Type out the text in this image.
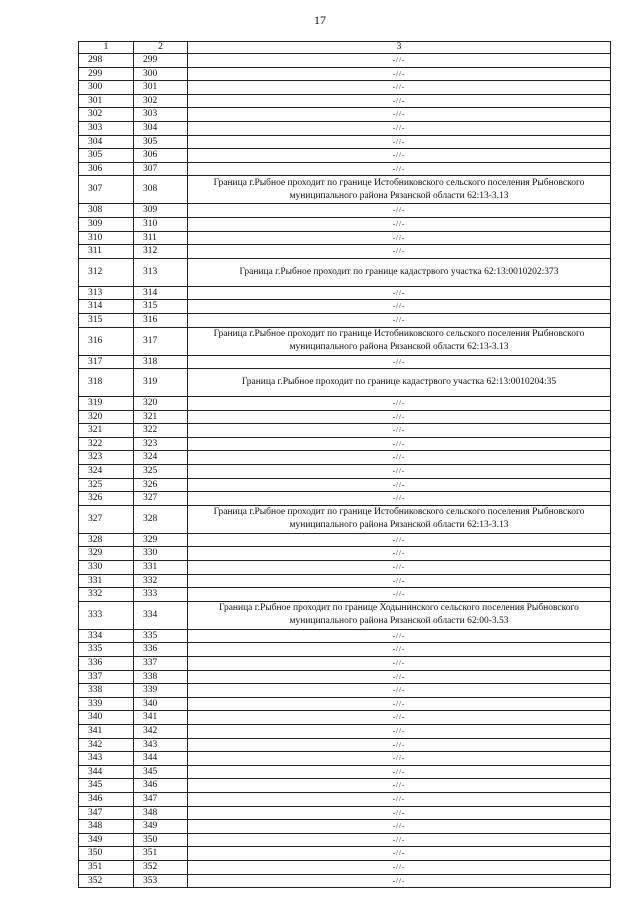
17
1	2	3
298	299	-//-
299	300	-//-
300	301	-//-
301	302	-//-
302	303	-//-
303	304	-//-
304	305	-//-
305	306	-//-
306	307	-//-
307	308	Граница г.Рыбное проходит по границе Истобниковского сельского поселения Рыбновского муниципального района Рязанской области 62:13-3.13
308	309	-//-
309	310	-//-
310	311	-//-
311	312	-//-
312	313	Граница г.Рыбное проходит по границе кадастрвого участка 62:13:0010202:373
313	314	-//-
314	315	-//-
315	316	-//-
316	317	Граница г.Рыбное проходит по границе Истобниковского сельского поселения Рыбновского муниципального района Рязанской области 62:13-3.13
317	318	-//-
318	319	Граница г.Рыбное проходит по границе кадастрвого участка 62:13:0010204:35
319	320	-//-
320	321	-//-
321	322	-//-
322	323	-//-
323	324	-//-
324	325	-//-
325	326	-//-
326	327	-//-
327	328	Граница г.Рыбное проходит по границе Истобниковского сельского поселения Рыбновского муниципального района Рязанской области 62:13-3.13
328	329	-//-
329	330	-//-
330	331	-//-
331	332	-//-
332	333	-//-
333	334	Граница г.Рыбное проходит по границе Ходынинского сельского поселения Рыбновского муниципального района Рязанской области 62:00-3.53
334	335	-//-
335	336	-//-
336	337	-//-
337	338	-//-
338	339	-//-
339	340	-//-
340	341	-//-
341	342	-//-
342	343	-//-
343	344	-//-
344	345	-//-
345	346	-//-
346	347	-//-
347	348	-//-
348	349	-//-
349	350	-//-
350	351	-//-
351	352	-//-
352	353	-//-
